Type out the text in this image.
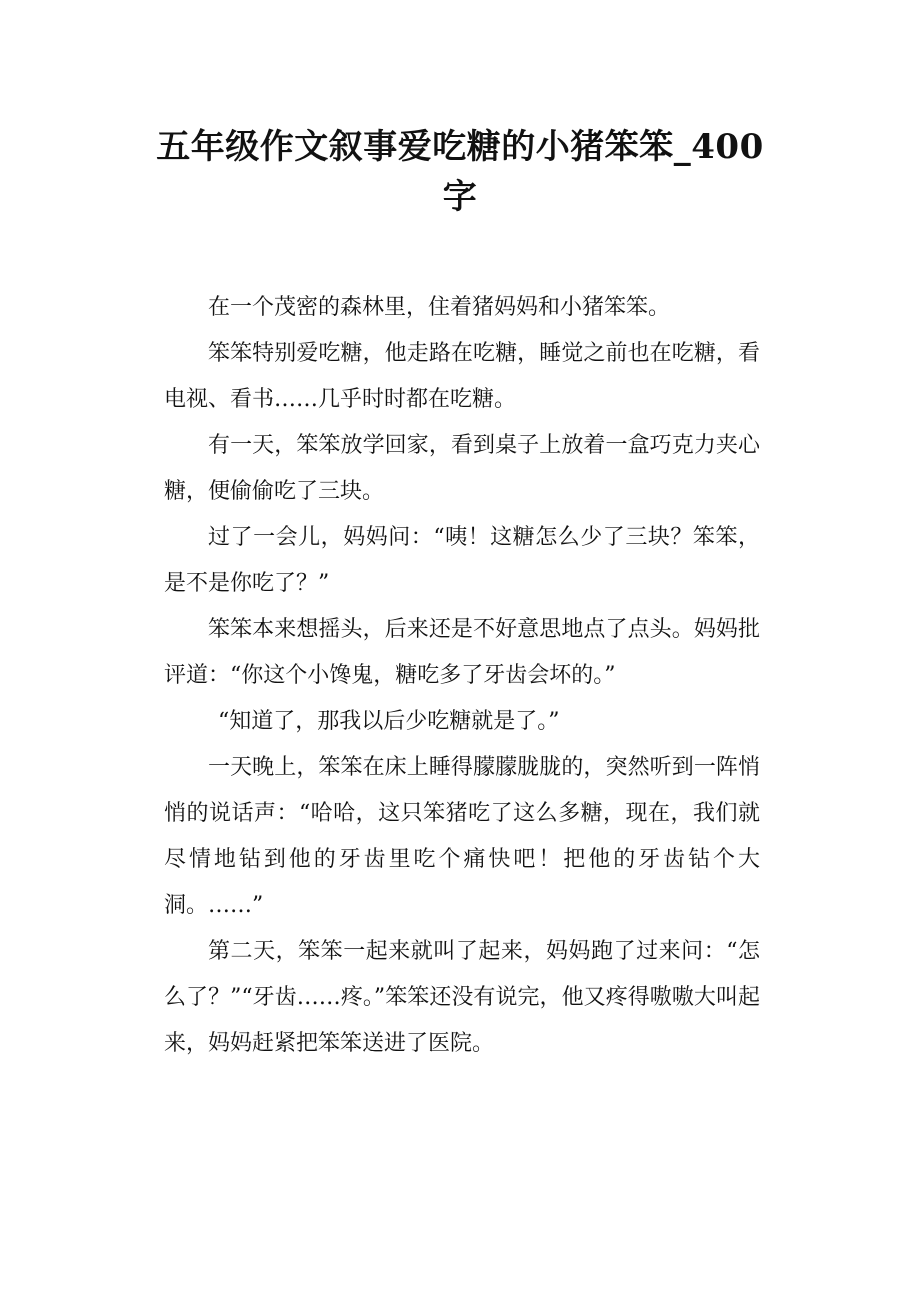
五年级作文叙事爱吃糖的小猪笨笨_400字

在一个茂密的森林里，住着猪妈妈和小猪笨笨。

笨笨特别爱吃糖，他走路在吃糖，睡觉之前也在吃糖，看电视、看书……几乎时时都在吃糖。

有一天，笨笨放学回家，看到桌子上放着一盒巧克力夹心糖，便偷偷吃了三块。

过了一会儿，妈妈问：“咦！这糖怎么少了三块？笨笨，是不是你吃了？”

笨笨本来想摇头，后来还是不好意思地点了点头。妈妈批评道：“你这个小馋鬼，糖吃多了牙齿会坏的。”

“知道了，那我以后少吃糖就是了。”

一天晚上，笨笨在床上睡得朦朦胧胧的，突然听到一阵悄悄的说话声：“哈哈，这只笨猪吃了这么多糖，现在，我们就尽情地钻到他的牙齿里吃个痛快吧！把他的牙齿钻个大洞。……”

第二天，笨笨一起来就叫了起来，妈妈跑了过来问：“怎么了？”“牙齿……疼。”笨笨还没有说完，他又疼得嗷嗷大叫起来，妈妈赶紧把笨笨送进了医院。
